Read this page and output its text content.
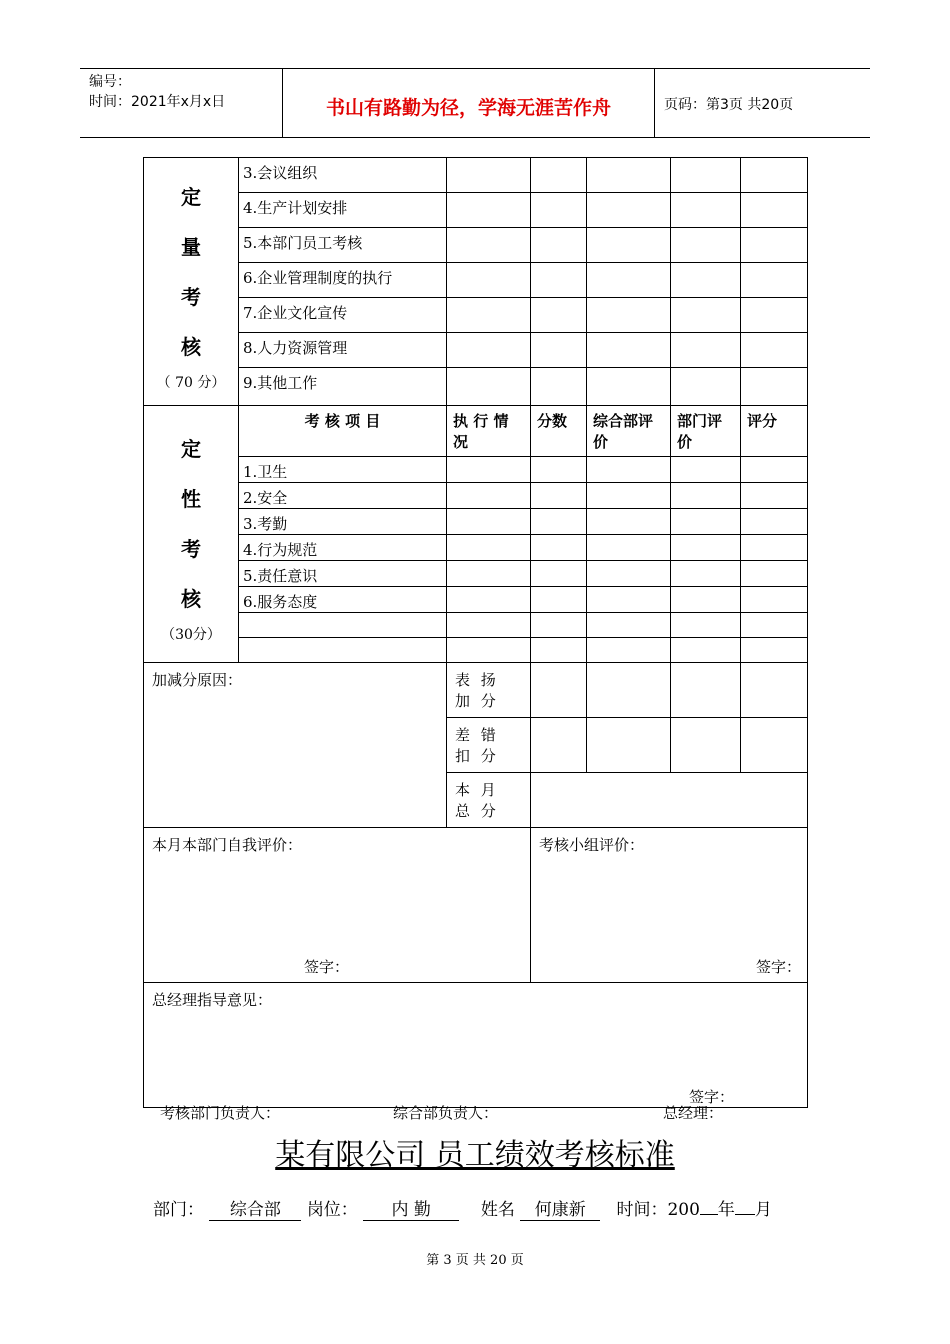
编号：
时间：2021年x月x日	书山有路勤为径，学海无涯苦作舟	页码：第3页 共20页
定
量
考
核
（ 70 分）	3.会议组织					
	4.生产计划安排					
	5.本部门员工考核					
	6.企业管理制度的执行					
	7.企业文化宣传					
	8.人力资源管理					
	9.其他工作					

定
性
考
核
（30分）	考 核 项 目	执 行 情 况	分数	综合部评价	部门评价	评分
	1.卫生					
	2.安全					
	3.考勤					
	4.行为规范					
	5.责任意识					
	6.服务态度					

加减分原因：		表 扬 加 分				
		差 错 扣 分				
		本 月 总 分				

本月本部门自我评价：
签字：			考核小组评价：
签字：			

总经理指导意见：
签字：						
考核部门负责人：	综合部负责人：	总经理：
某有限公司 员工绩效考核标准
部门： 综合部 岗位： 内 勤	姓名 何康新 时间：200 年 月
第 3 页 共 20 页
